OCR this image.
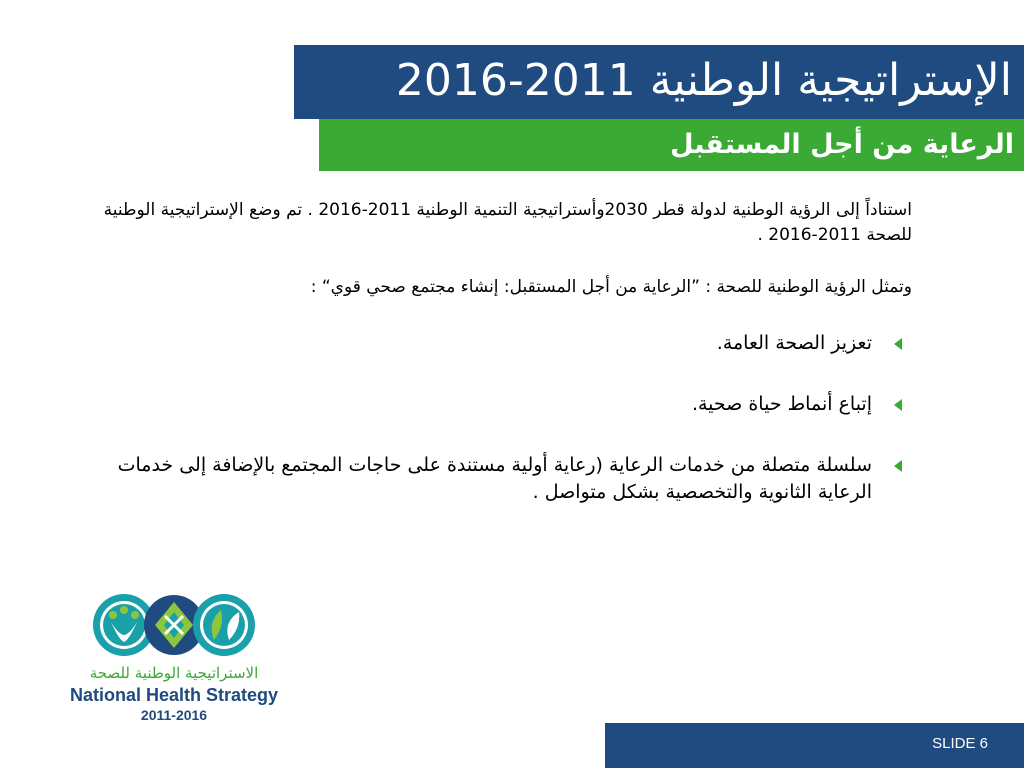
الإستراتيجية الوطنية 2011-2016
الرعاية من أجل المستقبل

استناداً إلى الرؤية الوطنية لدولة قطر 2030وأستراتيجية التنمية الوطنية 2011-2016 . تم وضع الإستراتيجية الوطنية للصحة 2011-2016 .

وتمثل الرؤية الوطنية للصحة : ”الرعاية من أجل المستقبل: إنشاء مجتمع صحي قوي“ :

تعزيز الصحة العامة.
إتباع أنماط حياة صحية.
سلسلة متصلة من خدمات الرعاية (رعاية أولية مستندة على حاجات المجتمع بالإضافة إلى خدمات الرعاية الثانوية والتخصصية بشكل متواصل .
الاستراتيجية الوطنية للصحة
National Health Strategy
2011-2016
SLIDE 6
